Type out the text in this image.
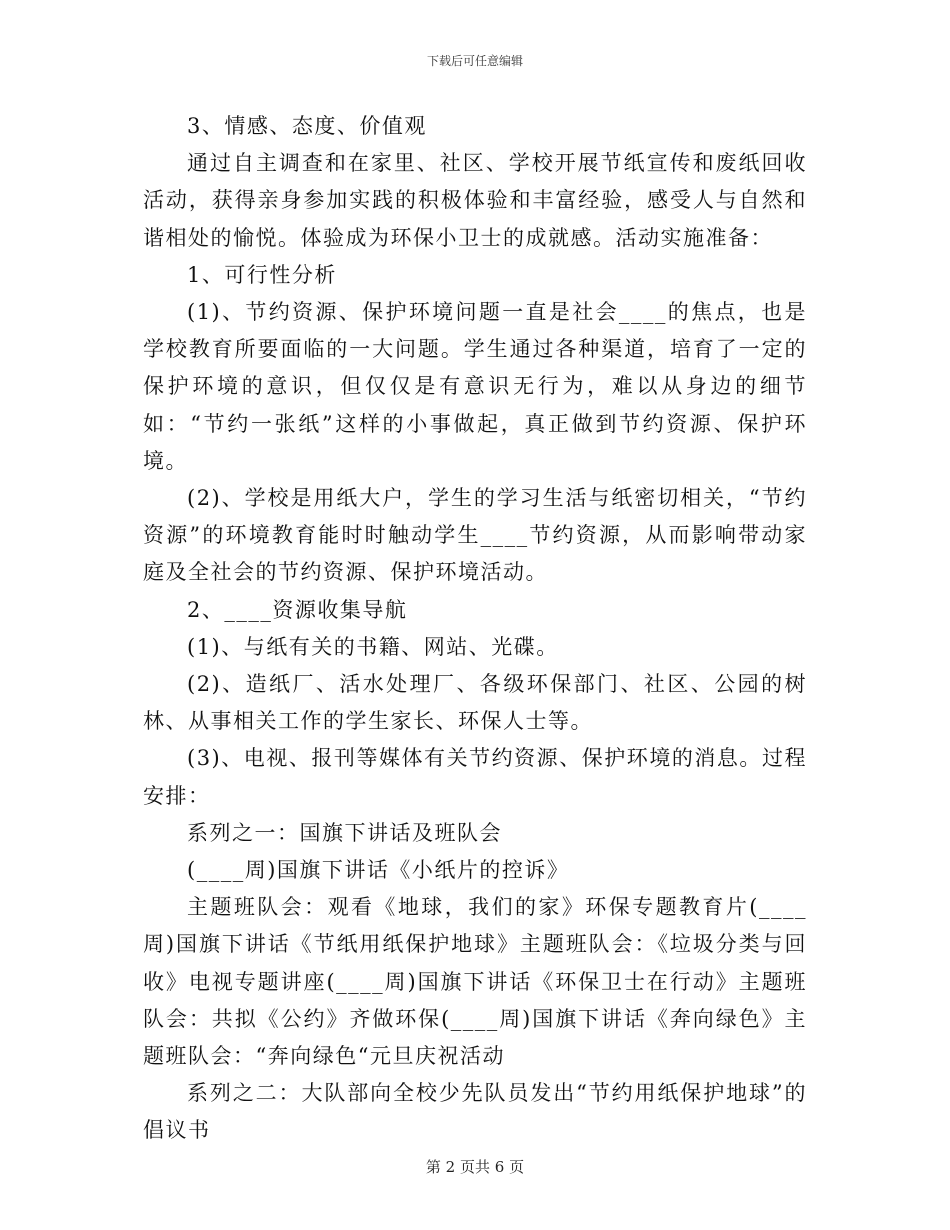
下载后可任意编辑

3、情感、态度、价值观

通过自主调查和在家里、社区、学校开展节纸宣传和废纸回收活动，获得亲身参加实践的积极体验和丰富经验，感受人与自然和谐相处的愉悦。体验成为环保小卫士的成就感。活动实施准备：

1、可行性分析

(1)、节约资源、保护环境问题一直是社会____的焦点，也是学校教育所要面临的一大问题。学生通过各种渠道，培育了一定的保护环境的意识，但仅仅是有意识无行为，难以从身边的细节如：“节约一张纸”这样的小事做起，真正做到节约资源、保护环境。

(2)、学校是用纸大户，学生的学习生活与纸密切相关，“节约资源”的环境教育能时时触动学生____节约资源，从而影响带动家庭及全社会的节约资源、保护环境活动。

2、____资源收集导航

(1)、与纸有关的书籍、网站、光碟。

(2)、造纸厂、活水处理厂、各级环保部门、社区、公园的树林、从事相关工作的学生家长、环保人士等。

(3)、电视、报刊等媒体有关节约资源、保护环境的消息。过程安排：

系列之一：国旗下讲话及班队会

(____周)国旗下讲话《小纸片的控诉》

主题班队会：观看《地球，我们的家》环保专题教育片(____周)国旗下讲话《节纸用纸保护地球》主题班队会：《垃圾分类与回收》电视专题讲座(____周)国旗下讲话《环保卫士在行动》主题班队会：共拟《公约》齐做环保(____周)国旗下讲话《奔向绿色》主题班队会：“奔向绿色“元旦庆祝活动

系列之二：大队部向全校少先队员发出“节约用纸保护地球”的倡议书

第 2 页共 6 页
